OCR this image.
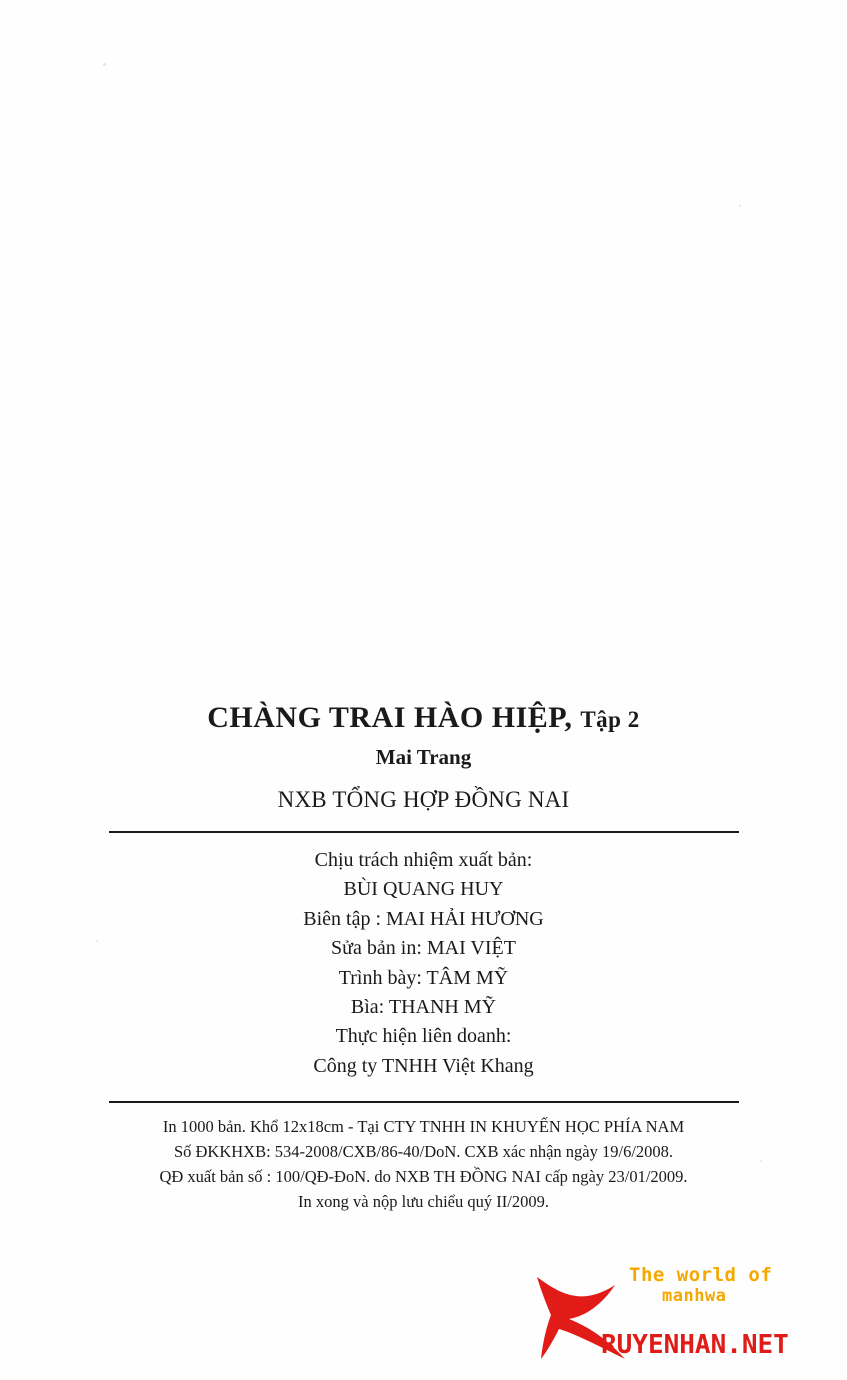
CHÀNG TRAI HÀO HIỆP, Tập 2
Mai Trang
NXB TỔNG HỢP ĐỒNG NAI
Chịu trách nhiệm xuất bản:
BÙI QUANG HUY
Biên tập : MAI HẢI HƯƠNG
Sửa bản in: MAI VIỆT
Trình bày: TÂM MỸ
Bìa: THANH MỸ
Thực hiện liên doanh:
Công ty TNHH Việt Khang
In 1000 bản. Khổ 12x18cm - Tại CTY TNHH IN KHUYẾN HỌC PHÍA NAM
Số ĐKKHXB: 534-2008/CXB/86-40/DoN. CXB xác nhận ngày 19/6/2008.
QĐ xuất bản số : 100/QĐ-ĐoN. do NXB TH ĐỒNG NAI cấp ngày 23/01/2009.
In xong và nộp lưu chiểu quý II/2009.
The world of
manhwa
RUYENHAN.NET
